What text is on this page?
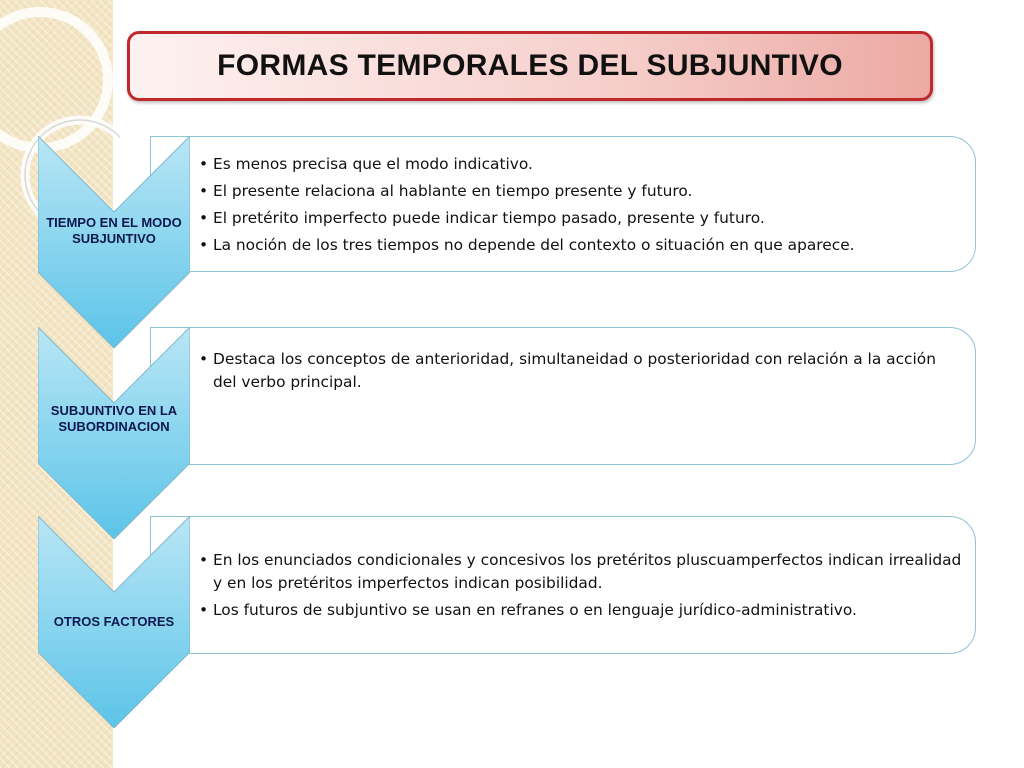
FORMAS TEMPORALES DEL SUBJUNTIVO
• Es menos precisa que el modo indicativo.
• El presente relaciona al hablante en tiempo presente y futuro.
• El pretérito imperfecto puede indicar tiempo pasado, presente y futuro.
• La noción de los tres tiempos no depende del contexto o situación en que aparece.
• Destaca los conceptos de anterioridad, simultaneidad o posterioridad con relación a la acción del verbo principal.
• En los enunciados condicionales y concesivos los pretéritos pluscuamperfectos indican irrealidad y en los pretéritos imperfectos indican posibilidad.
• Los futuros de subjuntivo se usan en refranes o en lenguaje jurídico-administrativo.
TIEMPO EN EL MODO SUBJUNTIVO
SUBJUNTIVO EN LA SUBORDINACION
OTROS FACTORES
